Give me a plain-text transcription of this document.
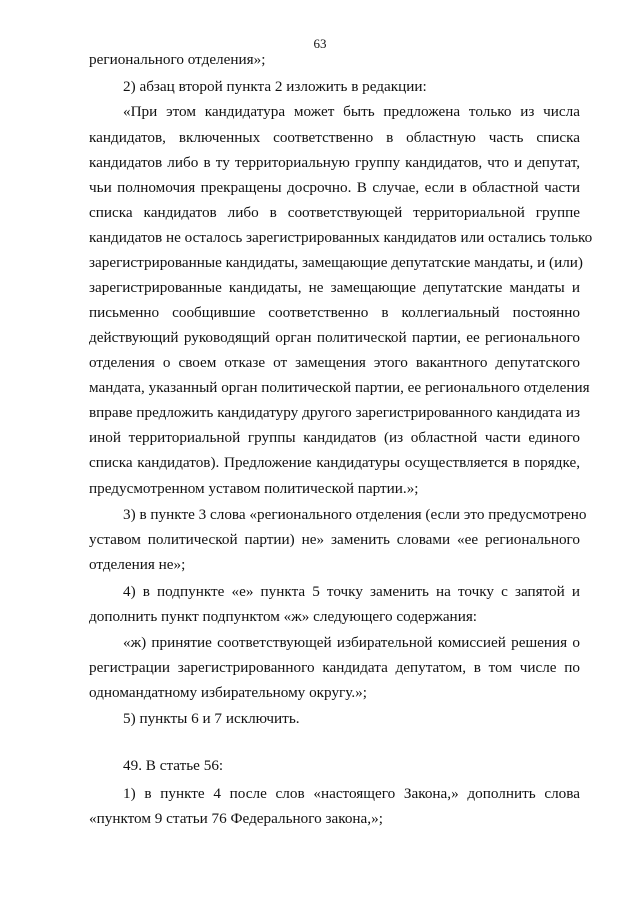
63
регионального отделения»;
2) абзац второй пункта 2 изложить в редакции:
«При этом кандидатура может быть предложена только из числа
кандидатов, включенных соответственно в областную часть списка
кандидатов либо в ту территориальную группу кандидатов, что и депутат,
чьи полномочия прекращены досрочно. В случае, если в областной части
списка кандидатов либо в соответствующей территориальной группе
кандидатов не осталось зарегистрированных кандидатов или остались только
зарегистрированные кандидаты, замещающие депутатские мандаты, и (или)
зарегистрированные кандидаты, не замещающие депутатские мандаты и
письменно сообщившие соответственно в коллегиальный постоянно
действующий руководящий орган политической партии, ее регионального
отделения о своем отказе от замещения этого вакантного депутатского
мандата, указанный орган политической партии, ее регионального отделения
вправе предложить кандидатуру другого зарегистрированного кандидата из
иной территориальной группы кандидатов (из областной части единого
списка кандидатов). Предложение кандидатуры осуществляется в порядке,
предусмотренном уставом политической партии.»;
3) в пункте 3 слова «регионального отделения (если это предусмотрено
уставом политической партии) не» заменить словами «ее регионального
отделения не»;
4) в подпункте «е» пункта 5 точку заменить на точку с запятой и
дополнить пункт подпунктом «ж» следующего содержания:
«ж) принятие соответствующей избирательной комиссией решения о
регистрации зарегистрированного кандидата депутатом, в том числе по
одномандатному избирательному округу.»;
5) пункты 6 и 7 исключить.
49. В статье 56:
1) в пункте 4 после слов «настоящего Закона,» дополнить слова
«пунктом 9 статьи 76 Федерального закона,»;
